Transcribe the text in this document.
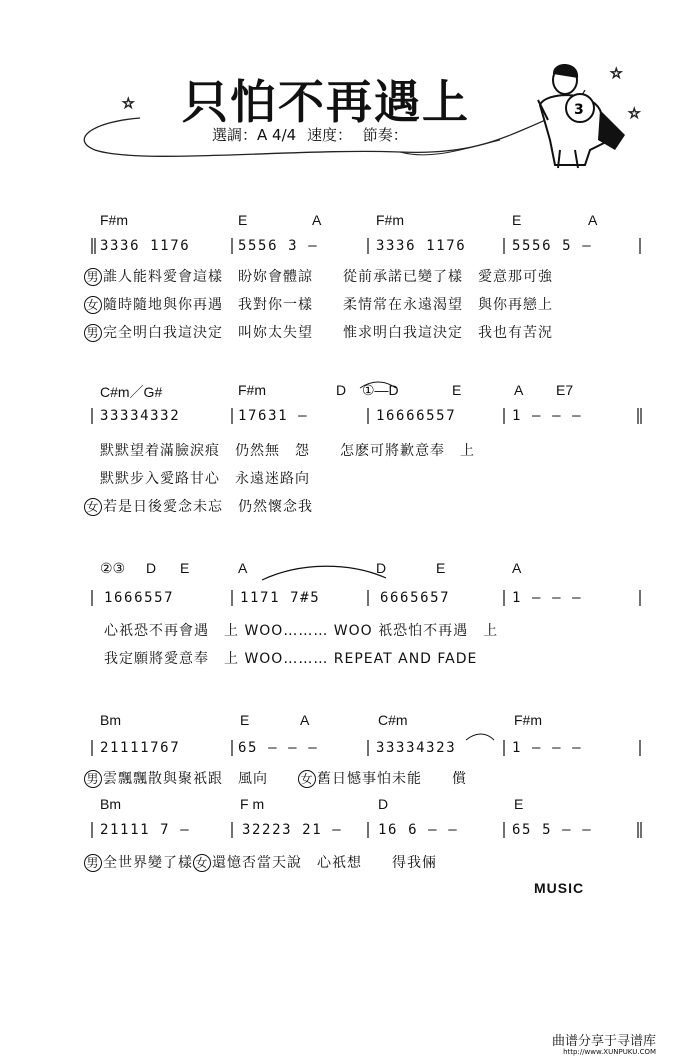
☆
☆
☆
3
只怕不再遇上
選調：A 4/4 速度： 節奏：
F#m	E	A	F#m	E	A
3336 1176	5556 3 —	3336 1176	5556 5 —
男 誰人能料愛會這樣　盼妳會體諒　　從前承諾已變了樣　愛意那可強
女 隨時隨地與你再遇　我對你一樣　　柔情常在永遠渴望　與你再戀上
男 完全明白我這決定　叫妳太失望　　惟求明白我這決定　我也有苦況
C#m／G#	F#m	D ①—D	E	A E7
33334332	17631 —	16666557	1 — — —
默默望着滿臉淚痕　仍然無　怨　　怎麽可將歉意奉　上
默默步入愛路甘心　永遠迷路向
女 若是日後愛念未忘　仍然懷念我
②③ D E	A	D	E	A
1666557	1171 7#5	6665657	1 — — —
心祇恐不再會遇　上 WOO……… WOO 祇恐怕不再遇　上
我定願將愛意奉　上 WOO……… REPEAT AND FADE
Bm	E	A	C#m	F#m
21111767	65 — — —	33334323	1 — — —
男 雲飄飄散與聚祇跟　風向　　女 舊日憾事怕未能　　償
Bm	F m	D	E
21111 7 —	32223 21 —	16 6 — —	65 5 — —
男 全世界變了樣 女 還憶否當天說　心祇想　　得我倆
MUSIC
曲谱分享于寻谱库
http://www.XUNPUKU.COM
